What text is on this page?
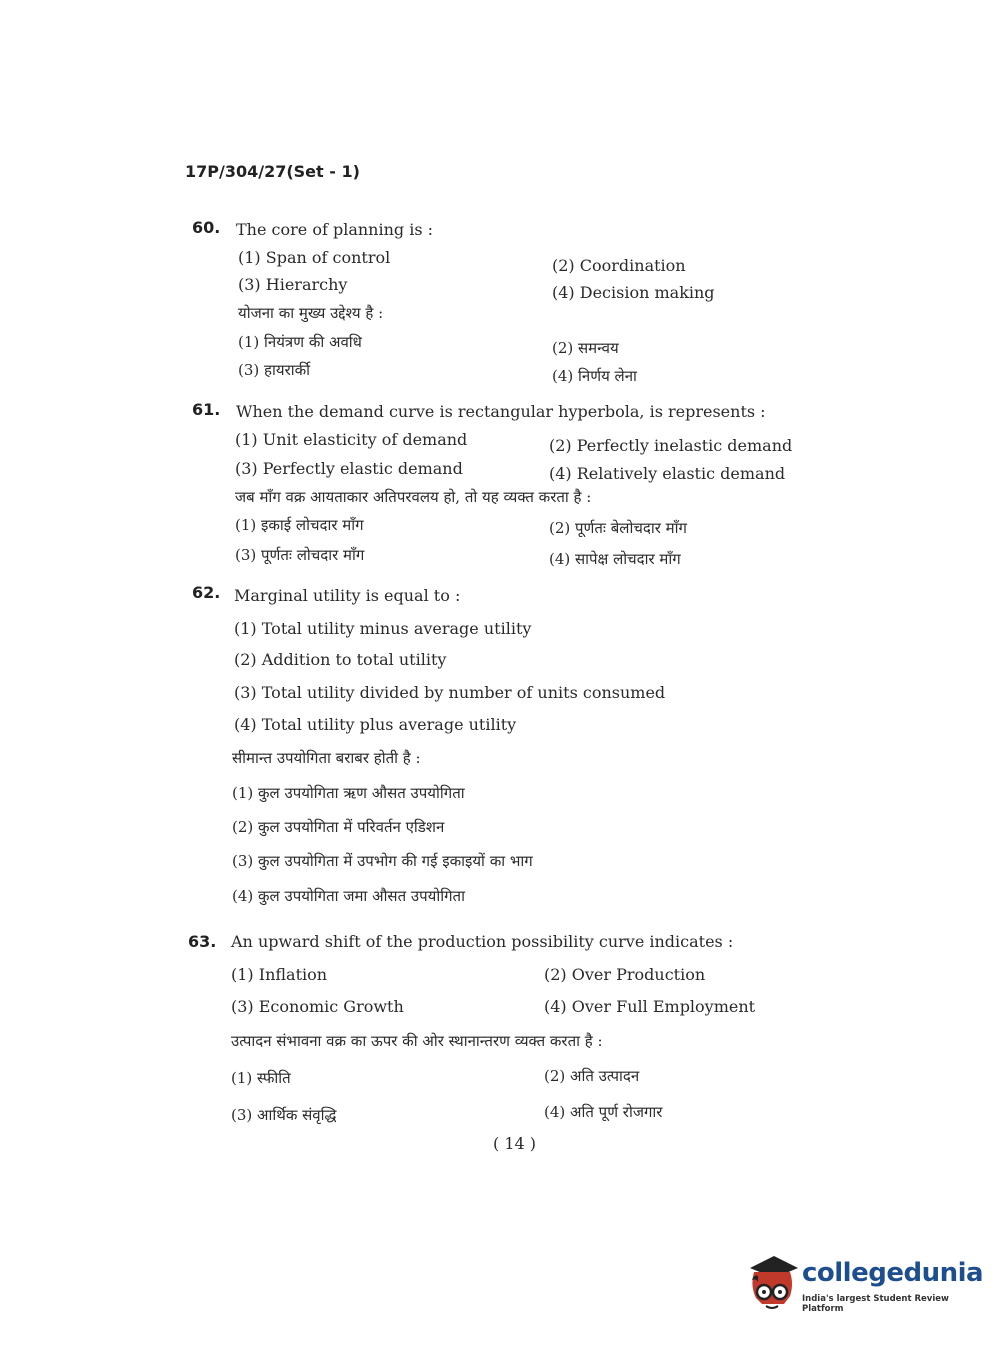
17P/304/27(Set - 1)
60. The core of planning is :
(1) Span of control	(2) Coordination
(3) Hierarchy	(4) Decision making
योजना का मुख्य उद्देश्य है :
(1) नियंत्रण की अवधि	(2) समन्वय
(3) हायरार्की	(4) निर्णय लेना
61. When the demand curve is rectangular hyperbola, is represents :
(1) Unit elasticity of demand	(2) Perfectly inelastic demand
(3) Perfectly elastic demand	(4) Relatively elastic demand
जब माँग वक्र आयताकार अतिपरवलय हो, तो यह व्यक्त करता है :
(1) इकाई लोचदार माँग	(2) पूर्णतः बेलोचदार माँग
(3) पूर्णतः लोचदार माँग	(4) सापेक्ष लोचदार माँग
62. Marginal utility is equal to :
(1) Total utility minus average utility
(2) Addition to total utility
(3) Total utility divided by number of units consumed
(4) Total utility plus average utility
सीमान्त उपयोगिता बराबर होती है :
(1) कुल उपयोगिता ऋण औसत उपयोगिता
(2) कुल उपयोगिता में परिवर्तन एडिशन
(3) कुल उपयोगिता में उपभोग की गई इकाइयों का भाग
(4) कुल उपयोगिता जमा औसत उपयोगिता
63. An upward shift of the production possibility curve indicates :
(1) Inflation	(2) Over Production
(3) Economic Growth	(4) Over Full Employment
उत्पादन संभावना वक्र का ऊपर की ओर स्थानान्तरण व्यक्त करता है :
(1) स्फीति	(2) अति उत्पादन
(3) आर्थिक संवृद्धि	(4) अति पूर्ण रोजगार
( 14 )
collegedunia
India's largest Student Review Platform
